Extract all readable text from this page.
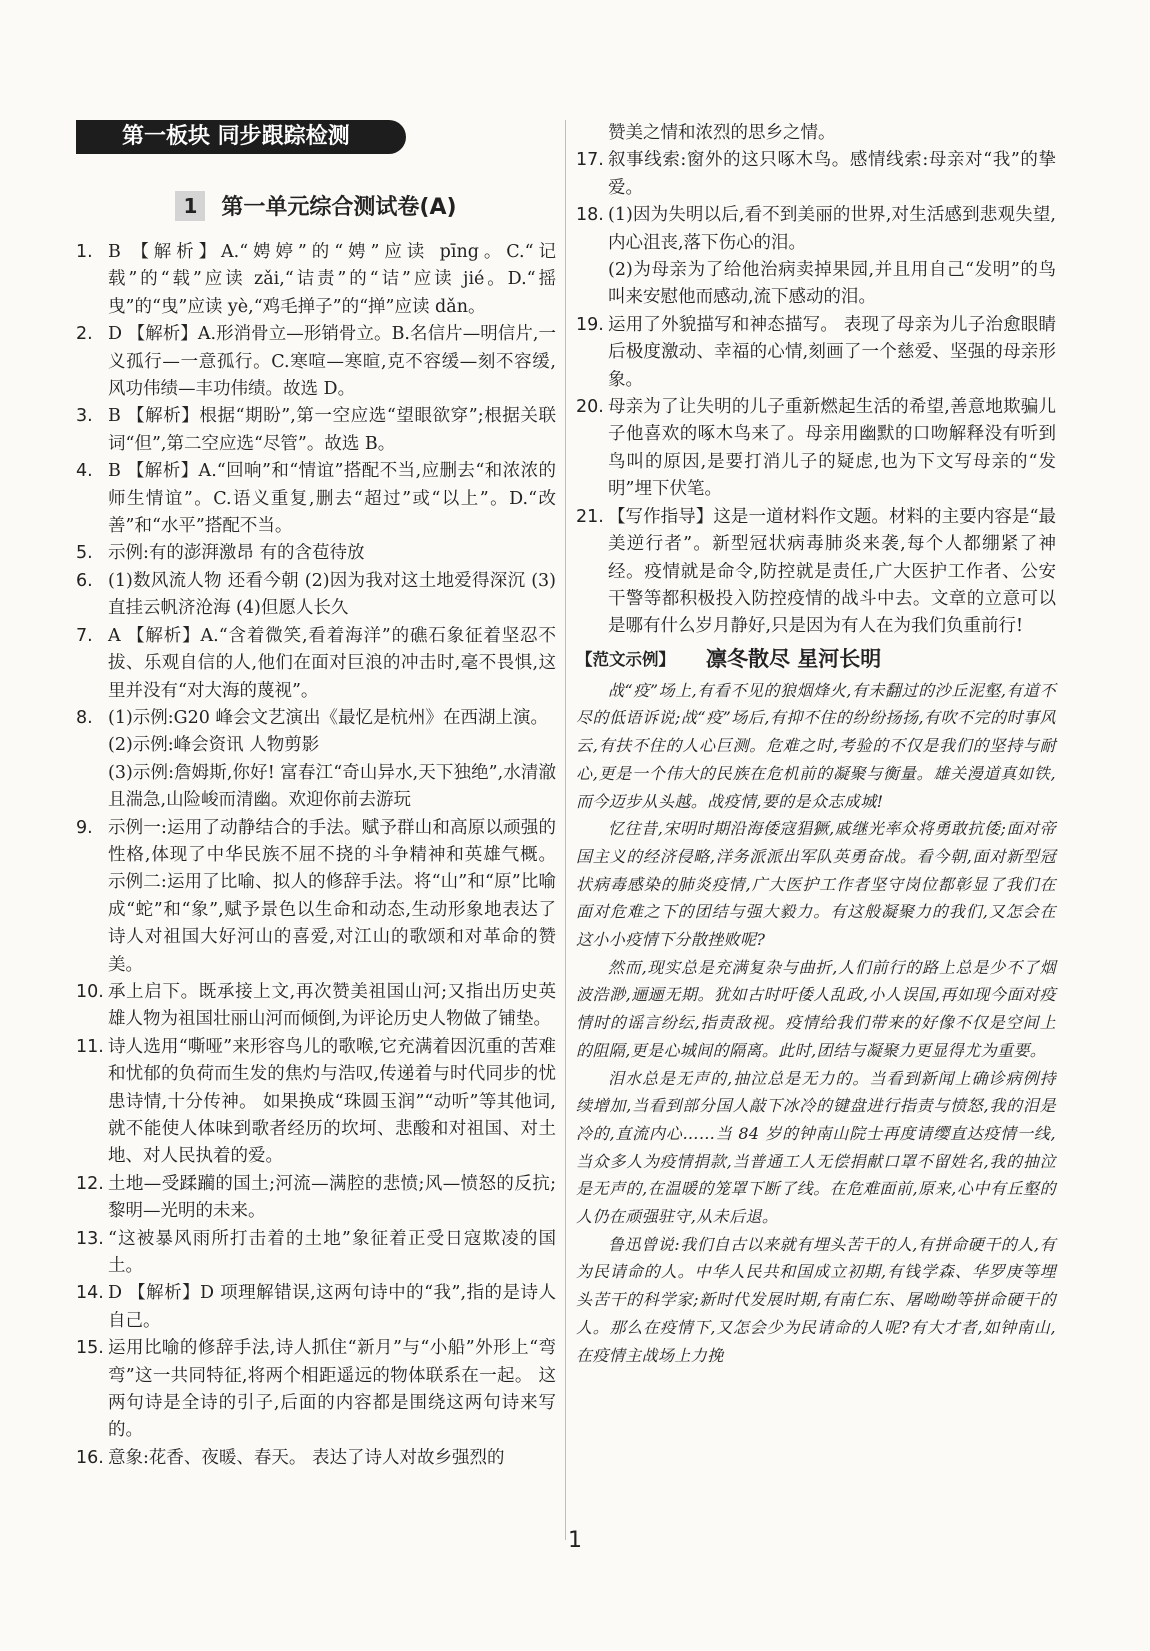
第一板块 同步跟踪检测
1	第一单元综合测试卷(A)
1. B 【解析】A.“娉婷”的“娉”应读 pīng。C.“记载”的“载”应读 zǎi,“诘责”的“诘”应读 jié。D.“摇曳”的“曳”应读 yè,“鸡毛掸子”的“掸”应读 dǎn。
2. D 【解析】A.形消骨立—形销骨立。B.名信片—明信片,一义孤行—一意孤行。C.寒喧—寒暄,克不容缓—刻不容缓,风功伟绩—丰功伟绩。故选 D。
3. B 【解析】根据“期盼”,第一空应选“望眼欲穿”;根据关联词“但”,第二空应选“尽管”。故选 B。
4. B 【解析】A.“回响”和“情谊”搭配不当,应删去“和浓浓的师生情谊”。C.语义重复,删去“超过”或“以上”。D.“改善”和“水平”搭配不当。
5. 示例:有的澎湃激昂 有的含苞待放
6. (1)数风流人物 还看今朝 (2)因为我对这土地爱得深沉 (3)直挂云帆济沧海 (4)但愿人长久
7. A 【解析】A.“含着微笑,看着海洋”的礁石象征着坚忍不拔、乐观自信的人,他们在面对巨浪的冲击时,毫不畏惧,这里并没有“对大海的蔑视”。
8. (1)示例:G20 峰会文艺演出《最忆是杭州》在西湖上演。
(2)示例:峰会资讯 人物剪影
(3)示例:詹姆斯,你好! 富春江“奇山异水,天下独绝”,水清澈且湍急,山险峻而清幽。欢迎你前去游玩
9. 示例一:运用了动静结合的手法。赋予群山和高原以顽强的性格,体现了中华民族不屈不挠的斗争精神和英雄气概。 示例二:运用了比喻、拟人的修辞手法。将“山”和“原”比喻成“蛇”和“象”,赋予景色以生命和动态,生动形象地表达了诗人对祖国大好河山的喜爱,对江山的歌颂和对革命的赞美。
10. 承上启下。既承接上文,再次赞美祖国山河;又指出历史英雄人物为祖国壮丽山河而倾倒,为评论历史人物做了铺垫。
11. 诗人选用“嘶哑”来形容鸟儿的歌喉,它充满着因沉重的苦难和忧郁的负荷而生发的焦灼与浩叹,传递着与时代同步的忧患诗情,十分传神。 如果换成“珠圆玉润”“动听”等其他词,就不能使人体味到歌者经历的坎坷、悲酸和对祖国、对土地、对人民执着的爱。
12. 土地—受蹂躏的国土;河流—满腔的悲愤;风—愤怒的反抗;黎明—光明的未来。
13. “这被暴风雨所打击着的土地”象征着正受日寇欺凌的国土。
14. D 【解析】D 项理解错误,这两句诗中的“我”,指的是诗人自己。
15. 运用比喻的修辞手法,诗人抓住“新月”与“小船”外形上“弯弯”这一共同特征,将两个相距遥远的物体联系在一起。 这两句诗是全诗的引子,后面的内容都是围绕这两句诗来写的。
16. 意象:花香、夜暖、春天。 表达了诗人对故乡强烈的
赞美之情和浓烈的思乡之情。
17. 叙事线索:窗外的这只啄木鸟。感情线索:母亲对“我”的挚爱。
18. (1)因为失明以后,看不到美丽的世界,对生活感到悲观失望,内心沮丧,落下伤心的泪。
(2)为母亲为了给他治病卖掉果园,并且用自己“发明”的鸟叫来安慰他而感动,流下感动的泪。
19. 运用了外貌描写和神态描写。 表现了母亲为儿子治愈眼睛后极度激动、幸福的心情,刻画了一个慈爱、坚强的母亲形象。
20. 母亲为了让失明的儿子重新燃起生活的希望,善意地欺骗儿子他喜欢的啄木鸟来了。母亲用幽默的口吻解释没有听到鸟叫的原因,是要打消儿子的疑虑,也为下文写母亲的“发明”埋下伏笔。
21. 【写作指导】这是一道材料作文题。材料的主要内容是“最美逆行者”。新型冠状病毒肺炎来袭,每个人都绷紧了神经。疫情就是命令,防控就是责任,广大医护工作者、公安干警等都积极投入防控疫情的战斗中去。文章的立意可以是哪有什么岁月静好,只是因为有人在为我们负重前行!
【范文示例】	凛冬散尽 星河长明

战“疫”场上,有看不见的狼烟烽火,有未翻过的沙丘泥壑,有道不尽的低语诉说;战“疫”场后,有抑不住的纷纷扬扬,有吹不完的时事风云,有扶不住的人心巨测。危难之时,考验的不仅是我们的坚持与耐心,更是一个伟大的民族在危机前的凝聚与衡量。雄关漫道真如铁,而今迈步从头越。战疫情,要的是众志成城!

忆往昔,宋明时期沿海倭寇猖獗,戚继光率众将勇敢抗倭;面对帝国主义的经济侵略,洋务派派出军队英勇奋战。看今朝,面对新型冠状病毒感染的肺炎疫情,广大医护工作者坚守岗位都彰显了我们在面对危难之下的团结与强大毅力。有这般凝聚力的我们,又怎会在这小小疫情下分散挫败呢?

然而,现实总是充满复杂与曲折,人们前行的路上总是少不了烟波浩渺,逦逦无期。犹如古时吁倭人乱政,小人误国,再如现今面对疫情时的谣言纷纭,指责敌视。疫情给我们带来的好像不仅是空间上的阻隔,更是心城间的隔离。此时,团结与凝聚力更显得尤为重要。

泪水总是无声的,抽泣总是无力的。当看到新闻上确诊病例持续增加,当看到部分国人敲下冰冷的键盘进行指责与愤怒,我的泪是冷的,直流内心……当 84 岁的钟南山院士再度请缨直达疫情一线,当众多人为疫情捐款,当普通工人无偿捐献口罩不留姓名,我的抽泣是无声的,在温暖的笼罩下断了线。在危难面前,原来,心中有丘壑的人仍在顽强驻守,从未后退。

鲁迅曾说:我们自古以来就有埋头苦干的人,有拼命硬干的人,有为民请命的人。中华人民共和国成立初期,有钱学森、华罗庚等埋头苦干的科学家;新时代发展时期,有南仁东、屠呦呦等拼命硬干的人。那么在疫情下,又怎会少为民请命的人呢?有大才者,如钟南山,在疫情主战场上力挽

1
